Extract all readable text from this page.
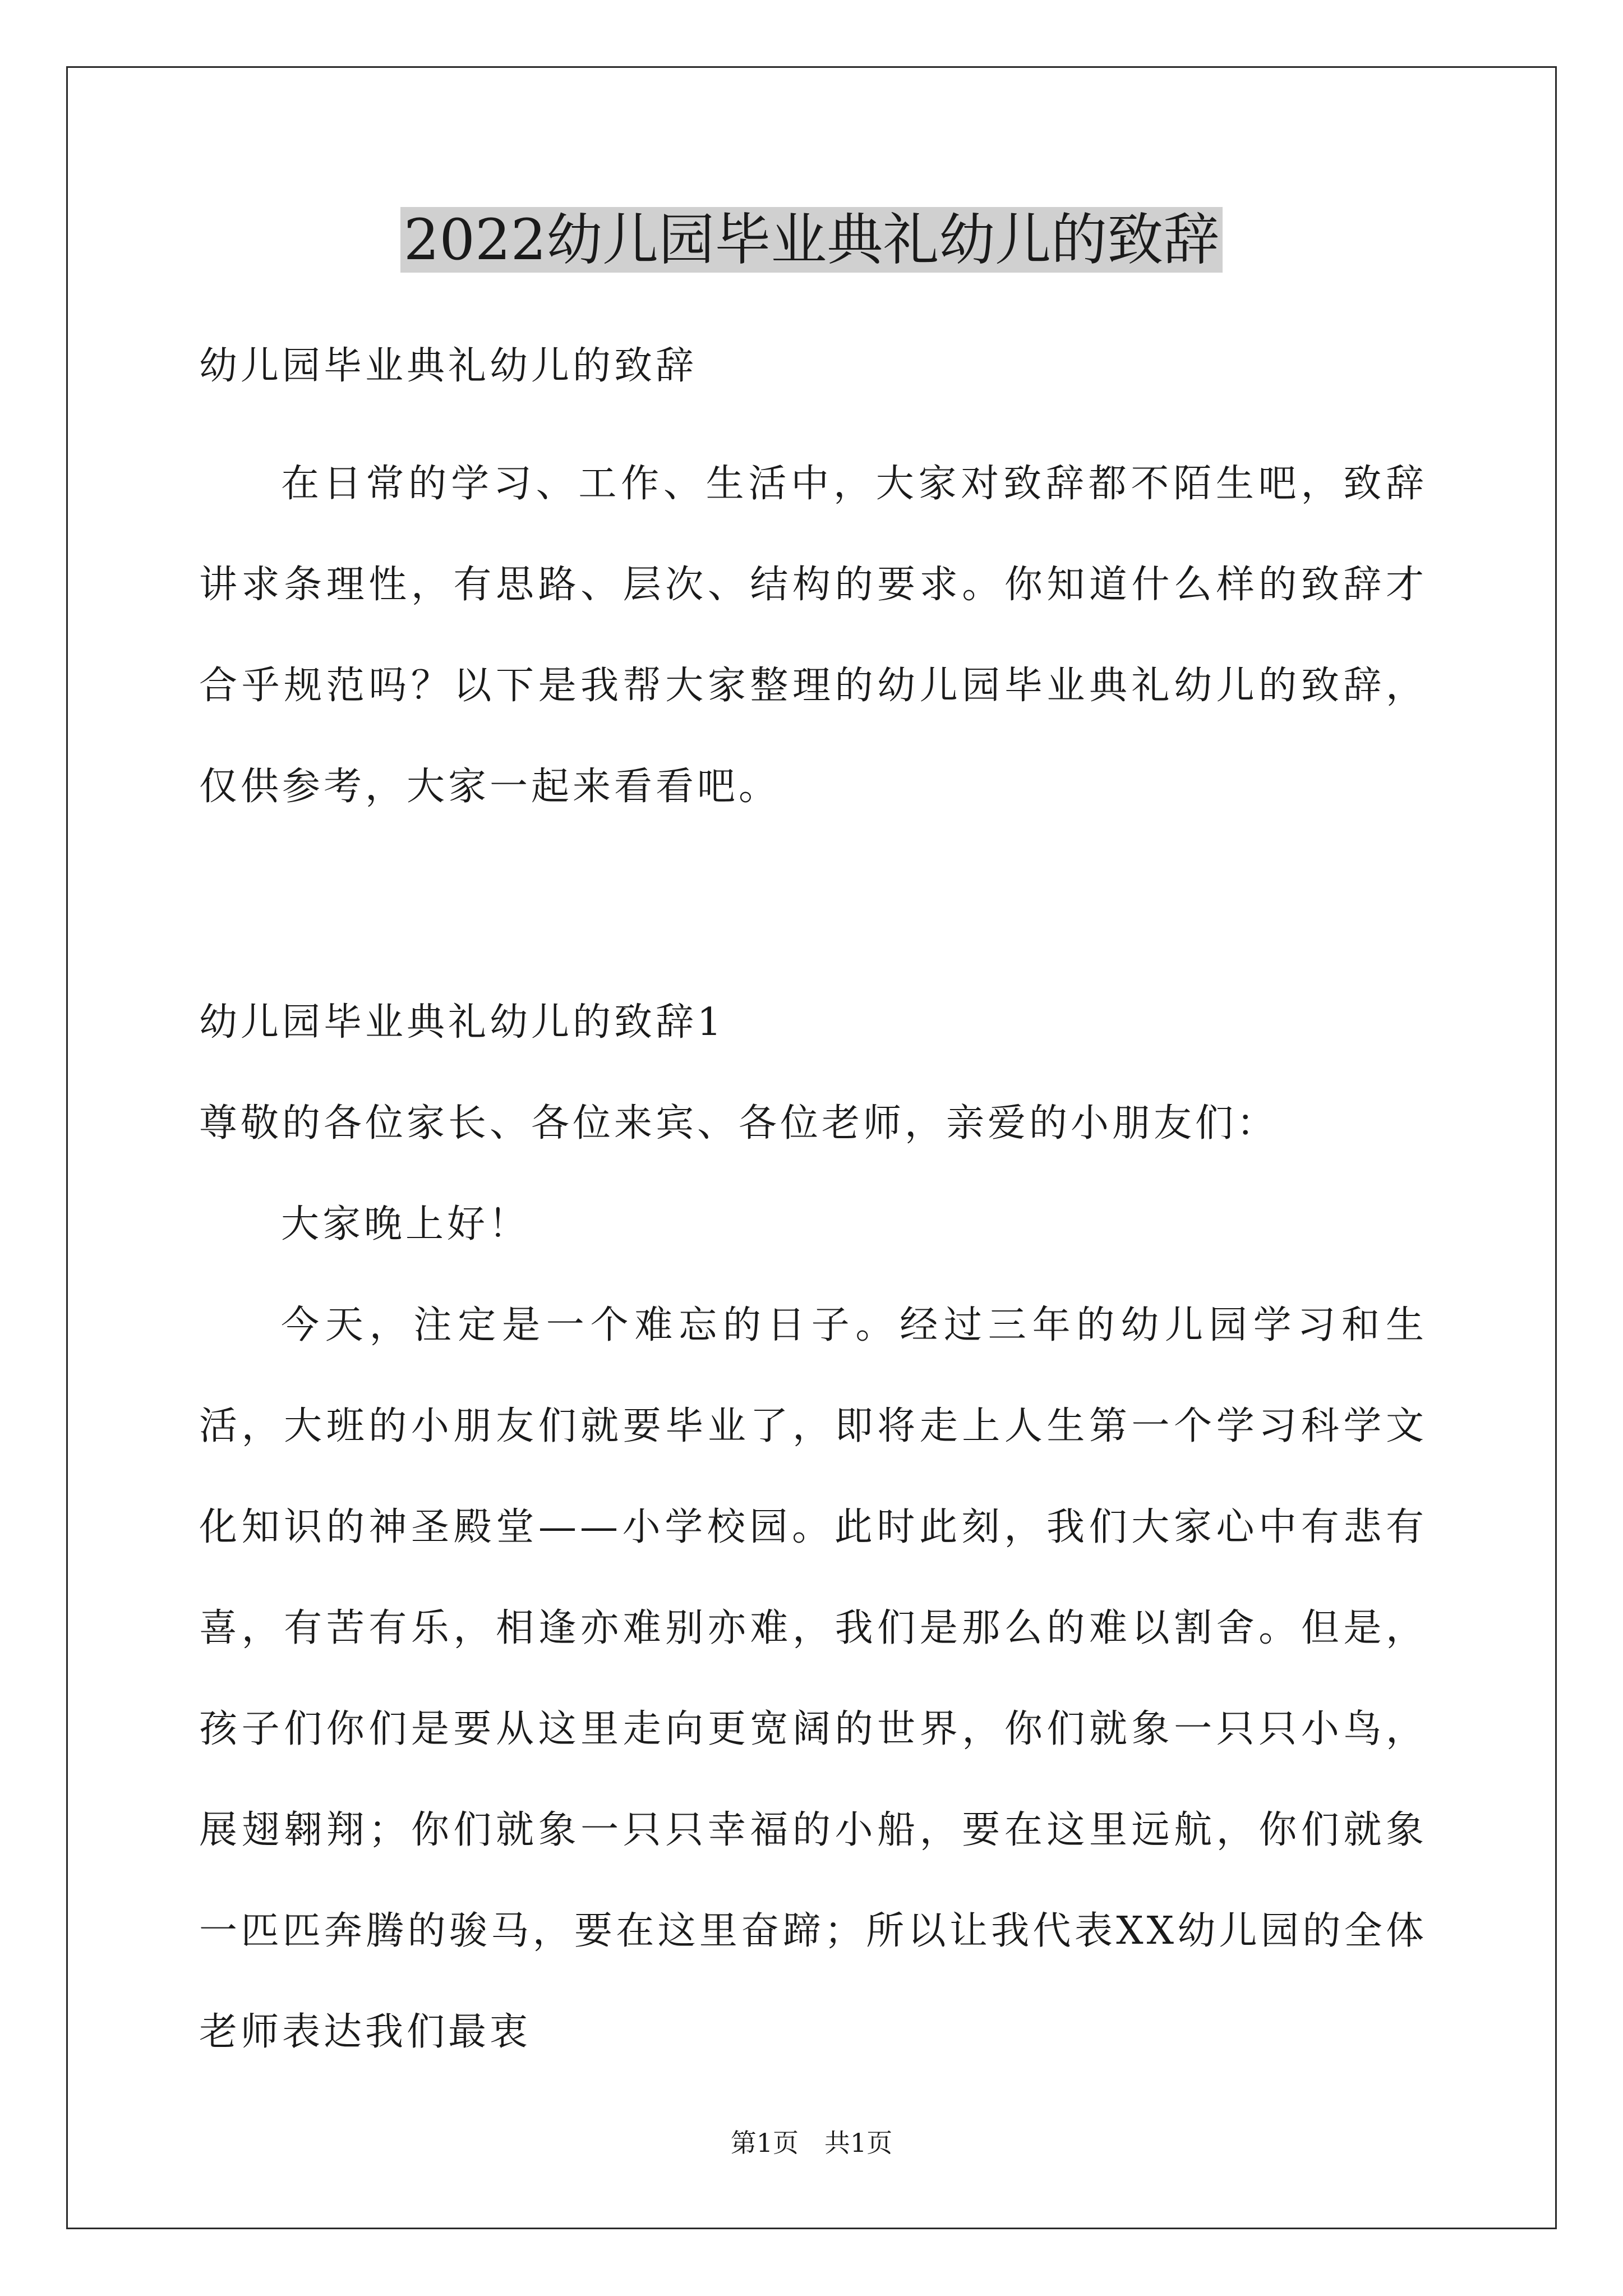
2022幼儿园毕业典礼幼儿的致辞

幼儿园毕业典礼幼儿的致辞

在日常的学习、工作、生活中，大家对致辞都不陌生吧，致辞讲求条理性，有思路、层次、结构的要求。你知道什么样的致辞才合乎规范吗？以下是我帮大家整理的幼儿园毕业典礼幼儿的致辞，仅供参考，大家一起来看看吧。

幼儿园毕业典礼幼儿的致辞1

尊敬的各位家长、各位来宾、各位老师，亲爱的小朋友们：

大家晚上好！

今天，注定是一个难忘的日子。经过三年的幼儿园学习和生活，大班的小朋友们就要毕业了，即将走上人生第一个学习科学文化知识的神圣殿堂——小学校园。此时此刻，我们大家心中有悲有喜，有苦有乐，相逢亦难别亦难，我们是那么的难以割舍。但是，孩子们你们是要从这里走向更宽阔的世界，你们就象一只只小鸟，展翅翱翔；你们就象一只只幸福的小船，要在这里远航，你们就象一匹匹奔腾的骏马，要在这里奋蹄；所以让我代表XX幼儿园的全体老师表达我们最衷

第1页 共1页
